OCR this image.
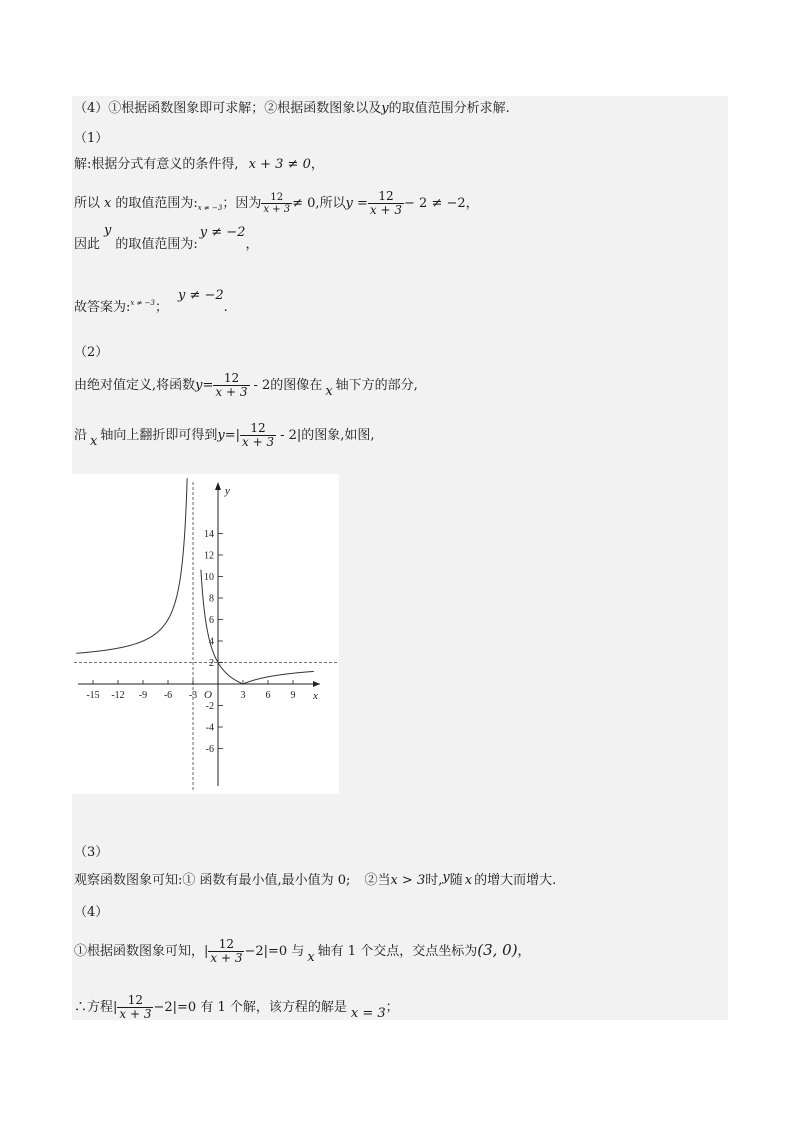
（4）①根据函数图象即可求解；②根据函数图象以及y的取值范围分析求解.
（1）
解:根据分式有意义的条件得, x + 3 ≠ 0，
所以 x 的取值范围为$:_{x \ne -3}$；因为 $\frac{12}{x + 3} \ne 0$,所以$y = \frac{12}{x + 3} - 2 \ne -2$，
因此y的取值范围为:y ≠ −2，
故答案为:$^{x \ne -3}$；y ≠ −2.
（2）
由绝对值定义,将函数$y= \frac{12}{x + 3} - 2$的图像在 x 轴下方的部分,
沿 x 轴向上翻折即可得到$y=| \frac{12}{x + 3} - 2|$的图象,如图,
x
y
O
-15 -12 -9 -6 -3	3 6 9
14
12
10
8
6
4
2
-2
-4
-6
（3）
观察函数图象可知:① 函数有最小值,最小值为 0; ②当x > 3时,y随 x 的增大而增大.
（4）
①根据函数图象可知，| $\frac{12}{x + 3} -2|=0$ 与 x 轴有 1 个交点，交点坐标为(3, 0)，
∴方程| $\frac{12}{x + 3} -2|=0$ 有 1 个解，该方程的解是 x = 3；
